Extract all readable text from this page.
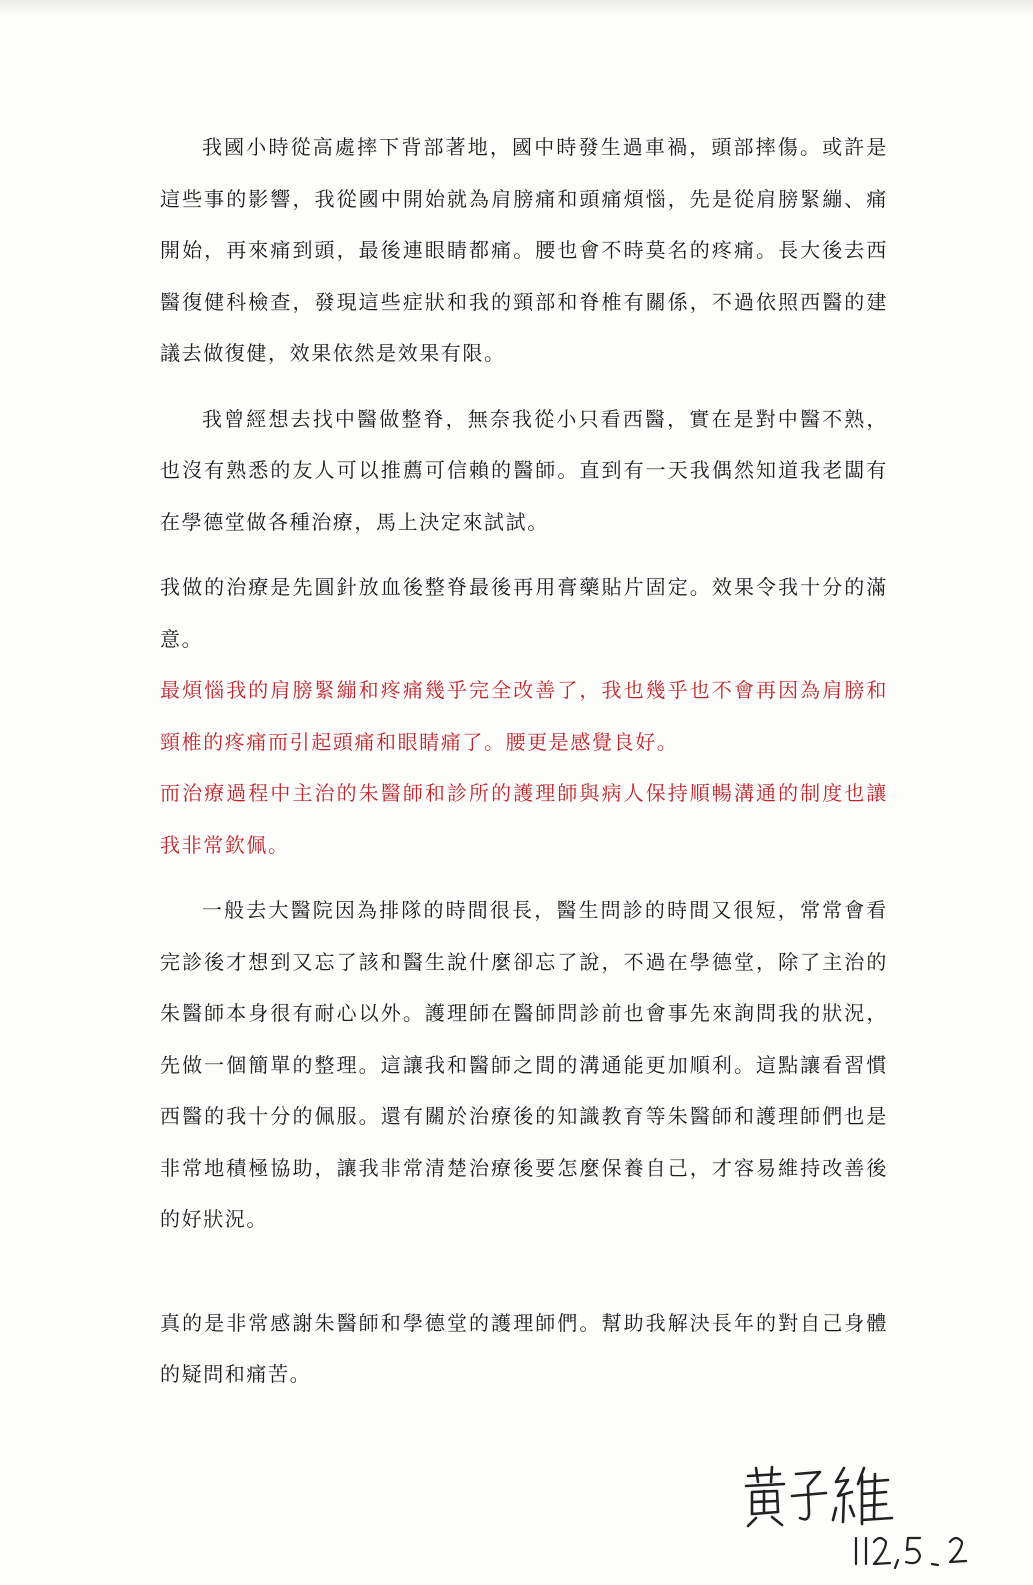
我國小時從高處摔下背部著地，國中時發生過車禍，頭部摔傷。或許是這些事的影響，我從國中開始就為肩膀痛和頭痛煩惱，先是從肩膀緊繃、痛開始，再來痛到頭，最後連眼睛都痛。腰也會不時莫名的疼痛。長大後去西醫復健科檢查，發現這些症狀和我的頸部和脊椎有關係，不過依照西醫的建議去做復健，效果依然是效果有限。

我曾經想去找中醫做整脊，無奈我從小只看西醫，實在是對中醫不熟，也沒有熟悉的友人可以推薦可信賴的醫師。直到有一天我偶然知道我老闆有在學德堂做各種治療，馬上決定來試試。

我做的治療是先圓針放血後整脊最後再用膏藥貼片固定。效果令我十分的滿意。

最煩惱我的肩膀緊繃和疼痛幾乎完全改善了，我也幾乎也不會再因為肩膀和頸椎的疼痛而引起頭痛和眼睛痛了。腰更是感覺良好。

而治療過程中主治的朱醫師和診所的護理師與病人保持順暢溝通的制度也讓我非常欽佩。

一般去大醫院因為排隊的時間很長，醫生問診的時間又很短，常常會看完診後才想到又忘了該和醫生說什麼卻忘了說，不過在學德堂，除了主治的朱醫師本身很有耐心以外。護理師在醫師問診前也會事先來詢問我的狀況，先做一個簡單的整理。這讓我和醫師之間的溝通能更加順利。這點讓看習慣西醫的我十分的佩服。還有關於治療後的知識教育等朱醫師和護理師們也是非常地積極協助，讓我非常清楚治療後要怎麼保養自己，才容易維持改善後的好狀況。

真的是非常感謝朱醫師和學德堂的護理師們。幫助我解決長年的對自己身體的疑問和痛苦。
